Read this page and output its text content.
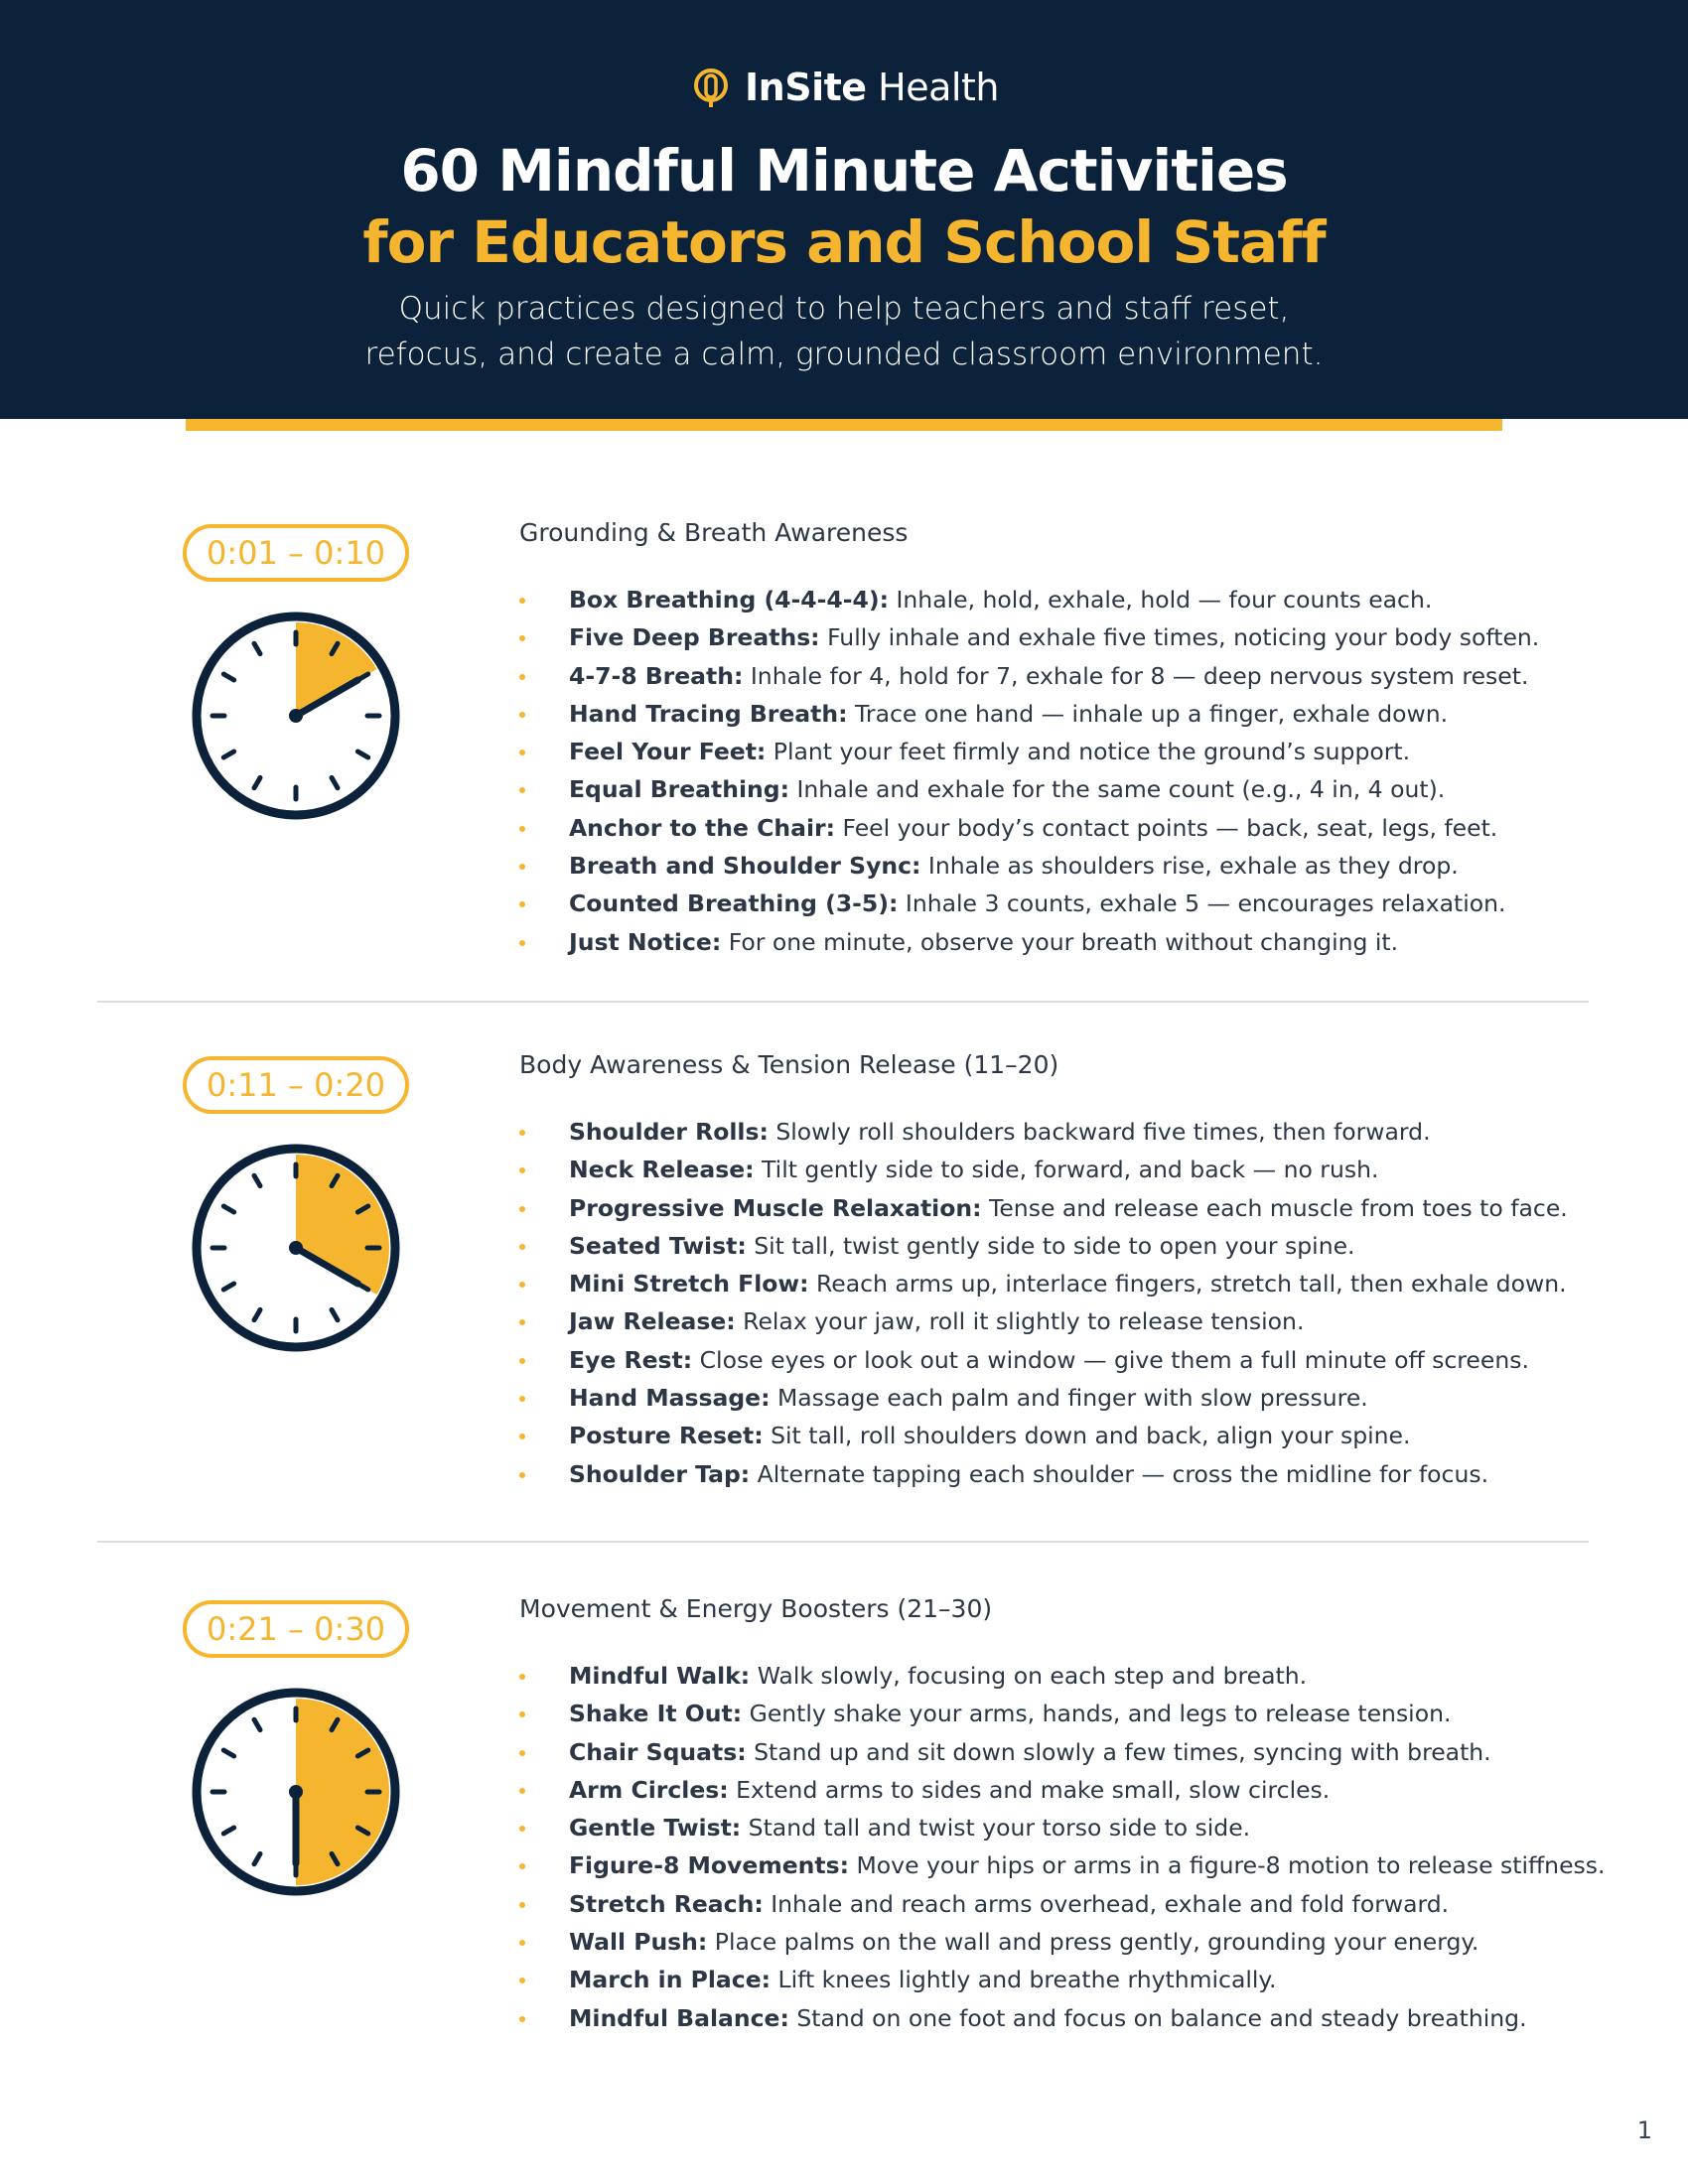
InSite Health
60 Mindful Minute Activities
for Educators and School Staff
Quick practices designed to help teachers and staff reset,
refocus, and create a calm, grounded classroom environment.
0:01 – 0:10
Grounding & Breath Awareness
Box Breathing (4-4-4-4): Inhale, hold, exhale, hold — four counts each.
Five Deep Breaths: Fully inhale and exhale five times, noticing your body soften.
4-7-8 Breath: Inhale for 4, hold for 7, exhale for 8 — deep nervous system reset.
Hand Tracing Breath: Trace one hand — inhale up a finger, exhale down.
Feel Your Feet: Plant your feet firmly and notice the ground’s support.
Equal Breathing: Inhale and exhale for the same count (e.g., 4 in, 4 out).
Anchor to the Chair: Feel your body’s contact points — back, seat, legs, feet.
Breath and Shoulder Sync: Inhale as shoulders rise, exhale as they drop.
Counted Breathing (3-5): Inhale 3 counts, exhale 5 — encourages relaxation.
Just Notice: For one minute, observe your breath without changing it.
0:11 – 0:20
Body Awareness & Tension Release (11–20)
Shoulder Rolls: Slowly roll shoulders backward five times, then forward.
Neck Release: Tilt gently side to side, forward, and back — no rush.
Progressive Muscle Relaxation: Tense and release each muscle from toes to face.
Seated Twist: Sit tall, twist gently side to side to open your spine.
Mini Stretch Flow: Reach arms up, interlace fingers, stretch tall, then exhale down.
Jaw Release: Relax your jaw, roll it slightly to release tension.
Eye Rest: Close eyes or look out a window — give them a full minute off screens.
Hand Massage: Massage each palm and finger with slow pressure.
Posture Reset: Sit tall, roll shoulders down and back, align your spine.
Shoulder Tap: Alternate tapping each shoulder — cross the midline for focus.
0:21 – 0:30
Movement & Energy Boosters (21–30)
Mindful Walk: Walk slowly, focusing on each step and breath.
Shake It Out: Gently shake your arms, hands, and legs to release tension.
Chair Squats: Stand up and sit down slowly a few times, syncing with breath.
Arm Circles: Extend arms to sides and make small, slow circles.
Gentle Twist: Stand tall and twist your torso side to side.
Figure-8 Movements: Move your hips or arms in a figure-8 motion to release stiffness.
Stretch Reach: Inhale and reach arms overhead, exhale and fold forward.
Wall Push: Place palms on the wall and press gently, grounding your energy.
March in Place: Lift knees lightly and breathe rhythmically.
Mindful Balance: Stand on one foot and focus on balance and steady breathing.
1
